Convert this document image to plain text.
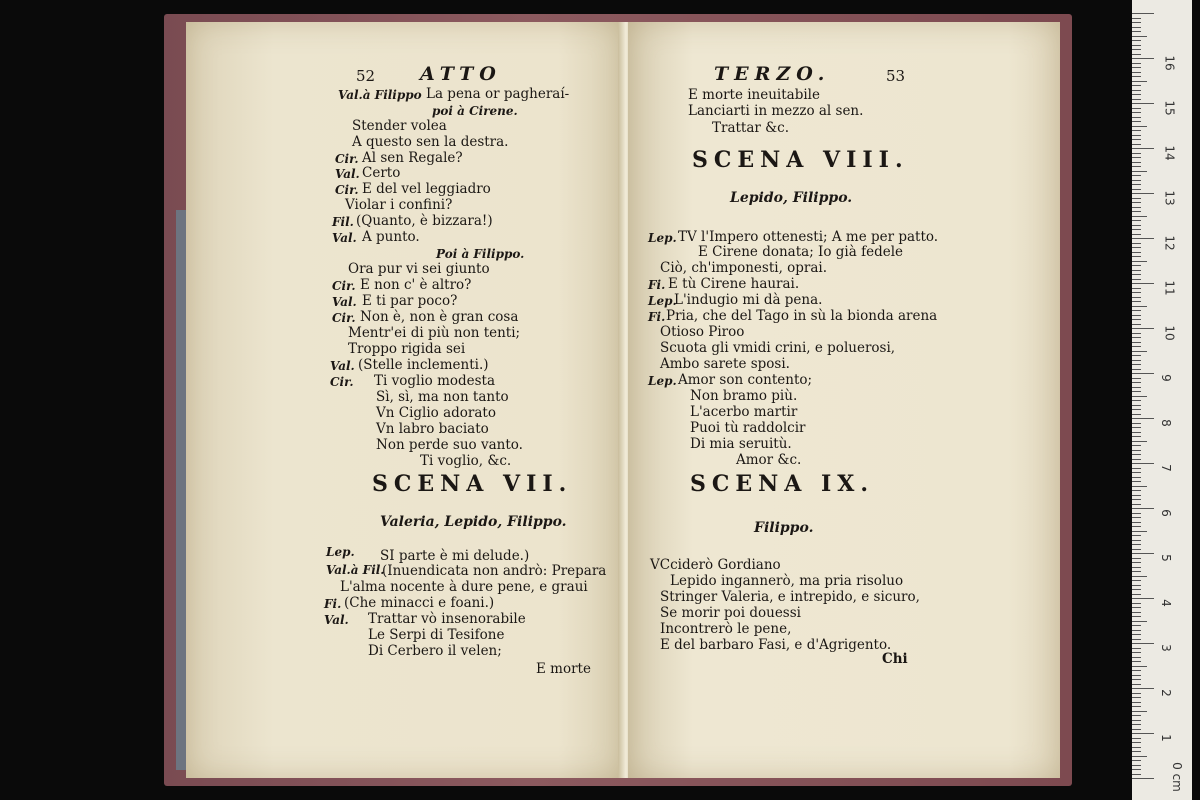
52 ATTO
Val.à Filippo La pena or pagheraí-
poi à Cirene.
Stender volea
A questo sen la destra.
Cir. Al sen Regale?
Val. Certo
Cir. E del vel leggiadro
Violar i confini?
Fil. (Quanto, è bizzara!)
Val. A punto.
Poi à Filippo.
Ora pur vi sei giunto
Cir. E non c' è altro?
Val. E ti par poco?
Cir. Non è, non è gran cosa
Mentr'ei di più non tenti;
Troppo rigida sei
Val. (Stelle inclementi.)
Cir. Ti voglio modesta
Sì, sì, ma non tanto
Vn Ciglio adorato
Vn labro baciato
Non perde suo vanto.
Ti voglio, &c.
SCENA VII.
Valeria, Lepido, Filippo.
Lep. SI parte è mi delude.)
Val.à Fil.
(Inuendicata non andrò: Prepara
L'alma nocente à dure pene, e graui
Fi. (Che minacci e foani.)
Val. Trattar vò insenorabile
Le Serpi di Tesifone
Di Cerbero il velen;
E morte
TERZO.	53
E morte ineuitabile
Lanciarti in mezzo al sen.
Trattar &c.
SCENA VIII.
Lepido, Filippo.
Lep. TV l'Impero ottenesti; A me per patto.
E Cirene donata; Io già fedele
Ciò, ch'imponesti, oprai.
Fi. E tù Cirene haurai.
Lep.
L'indugio mi dà pena.
Fi. Pria, che del Tago in sù la bionda arena
Otioso Piroo
Scuota gli vmidi crini, e poluerosi,
Ambo sarete sposi.
Lep. Amor son contento;
Non bramo più.
L'acerbo martir
Puoi tù raddolcir
Di mia seruitù.
Amor &c.
SCENA IX.
Filippo.
VCciderò Gordiano
Lepido ingannerò, ma pria risoluo
Stringer Valeria, e intrepido, e sicuro,
Se morir poi douessi
Incontrerò le pene,
E del barbaro Fasi, e d'Agrigento.
Chi
0 cm
1
2
3
4
5
6
7
8
9
10
11
12
13
14
15
16
